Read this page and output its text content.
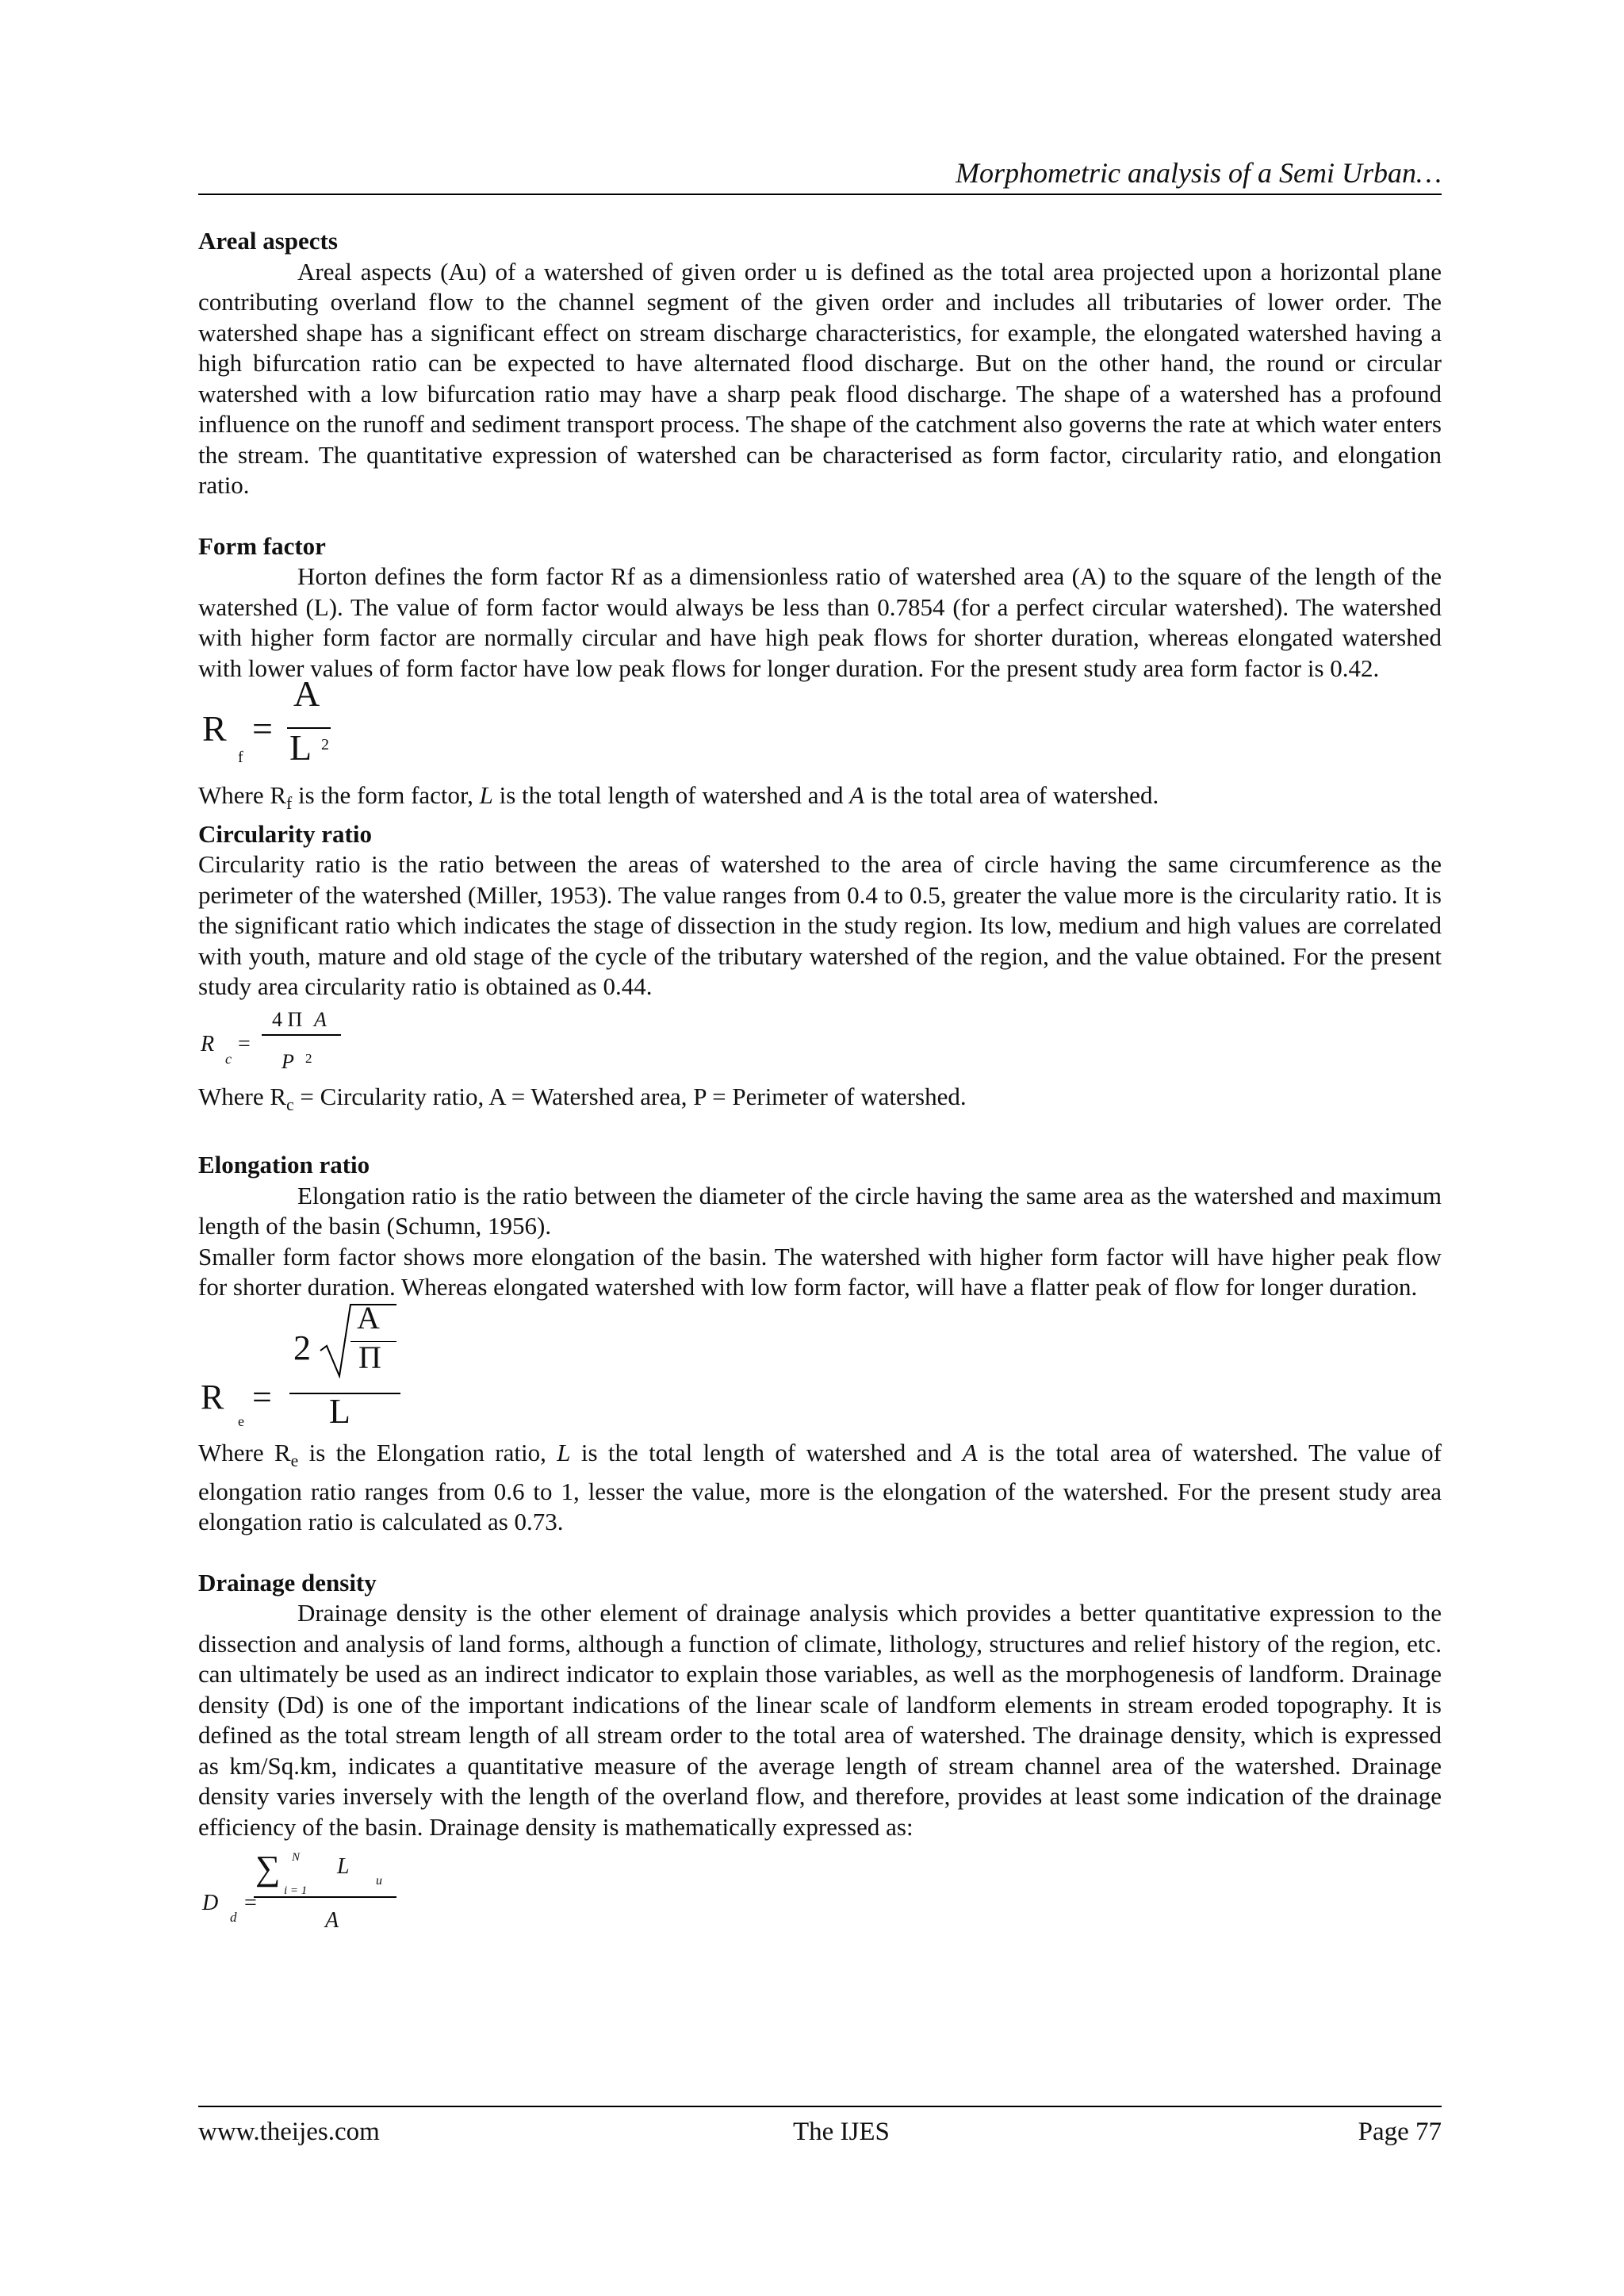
Morphometric analysis of a Semi Urban…
Areal aspects

Areal aspects (Au) of a watershed of given order u is defined as the total area projected upon a horizontal plane contributing overland flow to the channel segment of the given order and includes all tributaries of lower order. The watershed shape has a significant effect on stream discharge characteristics, for example, the elongated watershed having a high bifurcation ratio can be expected to have alternated flood discharge. But on the other hand, the round or circular watershed with a low bifurcation ratio may have a sharp peak flood discharge. The shape of a watershed has a profound influence on the runoff and sediment transport process. The shape of the catchment also governs the rate at which water enters the stream. The quantitative expression of watershed can be characterised as form factor, circularity ratio, and elongation ratio.

Form factor

Horton defines the form factor Rf as a dimensionless ratio of watershed area (A) to the square of the length of the watershed (L). The value of form factor would always be less than 0.7854 (for a perfect circular watershed). The watershed with higher form factor are normally circular and have high peak flows for shorter duration, whereas elongated watershed with lower values of form factor have low peak flows for longer duration. For the present study area form factor is 0.42.

R
f
=
A
L 2

Where $R_f$ is the form factor, L is the total length of watershed and A is the total area of watershed.

Circularity ratio

Circularity ratio is the ratio between the areas of watershed to the area of circle having the same circumference as the perimeter of the watershed (Miller, 1953). The value ranges from 0.4 to 0.5, greater the value more is the circularity ratio. It is the significant ratio which indicates the stage of dissection in the study region. Its low, medium and high values are correlated with youth, mature and old stage of the cycle of the tributary watershed of the region, and the value obtained. For the present study area circularity ratio is obtained as 0.44.

R
c
=
4 Π A
P 2

Where $R_c$ = Circularity ratio, A = Watershed area, P = Perimeter of watershed.

Elongation ratio

Elongation ratio is the ratio between the diameter of the circle having the same area as the watershed and maximum length of the basin (Schumn, 1956).

Smaller form factor shows more elongation of the basin. The watershed with higher form factor will have higher peak flow for shorter duration. Whereas elongated watershed with low form factor, will have a flatter peak of flow for longer duration.

R
e
=
2
A
Π
L

Where $R_e$ is the Elongation ratio, L is the total length of watershed and A is the total area of watershed. The value of elongation ratio ranges from 0.6 to 1, lesser the value, more is the elongation of the watershed. For the present study area elongation ratio is calculated as 0.73.

Drainage density

Drainage density is the other element of drainage analysis which provides a better quantitative expression to the dissection and analysis of land forms, although a function of climate, lithology, structures and relief history of the region, etc. can ultimately be used as an indirect indicator to explain those variables, as well as the morphogenesis of landform. Drainage density (Dd) is one of the important indications of the linear scale of landform elements in stream eroded topography. It is defined as the total stream length of all stream order to the total area of watershed. The drainage density, which is expressed as km/Sq.km, indicates a quantitative measure of the average length of stream channel area of the watershed. Drainage density varies inversely with the length of the overland flow, and therefore, provides at least some indication of the drainage efficiency of the basin. Drainage density is mathematically expressed as:

D
d
=
∑ N
i = 1
L
u
A
www.theijes.com	The IJES	Page 77
